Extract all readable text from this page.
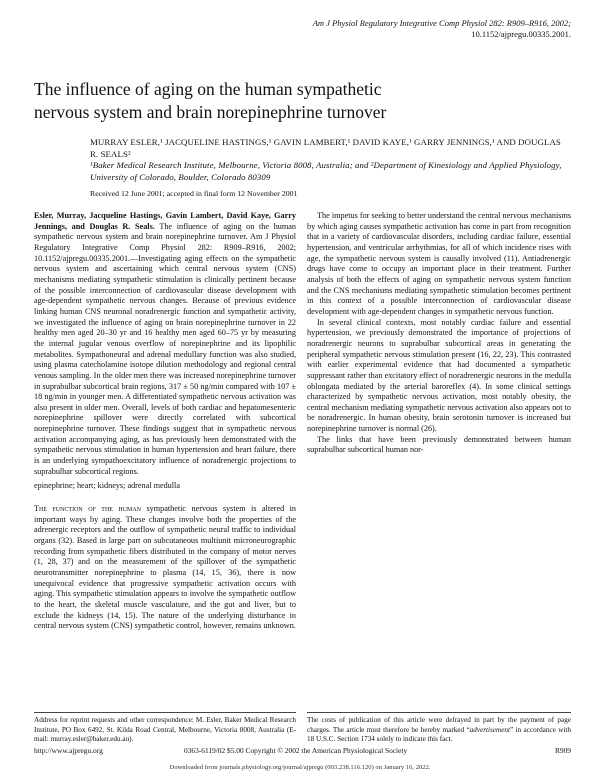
Am J Physiol Regulatory Integrative Comp Physiol 282: R909–R916, 2002;
10.1152/ajpregu.00335.2001.
The influence of aging on the human sympathetic
nervous system and brain norepinephrine turnover
MURRAY ESLER,¹ JACQUELINE HASTINGS,¹ GAVIN LAMBERT,¹ DAVID KAYE,¹ GARRY JENNINGS,¹ AND DOUGLAS R. SEALS²
¹Baker Medical Research Institute, Melbourne, Victoria 8008, Australia; and ²Department of Kinesiology and Applied Physiology, University of Colorado, Boulder, Colorado 80309
Received 12 June 2001; accepted in final form 12 November 2001

Esler, Murray, Jacqueline Hastings, Gavin Lambert, David Kaye, Garry Jennings, and Douglas R. Seals. The influence of aging on the human sympathetic nervous system and brain norepinephrine turnover. Am J Physiol Regulatory Integrative Comp Physiol 282: R909–R916, 2002; 10.1152/ajpregu.00335.2001.—Investigating aging effects on the sympathetic nervous system and ascertaining which central nervous system (CNS) mechanisms mediating sympathetic stimulation is clinically pertinent because of the possible interconnection of cardiovascular disease development with age-dependent sympathetic nervous changes. Because of previous evidence linking human CNS neuronal noradrenergic function and sympathetic activity, we investigated the influence of aging on brain norepinephrine turnover in 22 healthy men aged 20–30 yr and 16 healthy men aged 60–75 yr by measuring the internal jugular venous overflow of norepinephrine and its lipophilic metabolites. Sympathoneural and adrenal medullary function was also studied, using plasma catecholamine isotope dilution methodology and regional central venous sampling. In the older men there was increased norepinephrine turnover in suprabulbar subcortical brain regions, 317 ± 50 ng/min compared with 107 ± 18 ng/min in younger men. A differentiated sympathetic nervous activation was also present in older men. Overall, levels of both cardiac and hepatomesenteric norepinephrine spillover were directly correlated with subcortical norepinephrine turnover. These findings suggest that in sympathetic nervous activation accompanying aging, as has previously been demonstrated with the sympathetic nervous stimulation in human hypertension and heart failure, there is an underlying sympathoexcitatory influence of noradrenergic projections to suprabulbar subcortical regions.

epinephrine; heart; kidneys; adrenal medulla

The function of the human sympathetic nervous system is altered in important ways by aging. These changes involve both the properties of the adrenergic receptors and the outflow of sympathetic neural traffic to individual organs (32). Based in large part on subcutaneous multiunit microneurographic recording from sympathetic fibers distributed in the company of motor nerves (1, 28, 37) and on the measurement of the spillover of the sympathetic neurotransmitter norepinephrine to plasma (14, 15, 36), there is now unequivocal evidence that progressive sympathetic activation occurs with aging. This sympathetic stimulation appears to involve the sympathetic outflow to the heart, the skeletal muscle vasculature, and the gut and liver, but to exclude the kidneys (14, 15). The nature of the underlying disturbance in central nervous system (CNS) sympathetic control, however, remains unknown.

The impetus for seeking to better understand the central nervous mechanisms by which aging causes sympathetic activation has come in part from recognition that in a variety of cardiovascular disorders, including cardiac failure, essential hypertension, and ventricular arrhythmias, for all of which incidence rises with age, the sympathetic nervous system is causally involved (11). Antiadrenergic drugs have come to occupy an important place in their treatment. Further analysis of both the effects of aging on sympathetic nervous system function and the CNS mechanisms mediating sympathetic stimulation becomes pertinent in this context of a possible interconnection of cardiovascular disease development with age-dependent changes in sympathetic nervous function.

In several clinical contexts, most notably cardiac failure and essential hypertension, we previously demonstrated the importance of projections of noradrenergic neurons to suprabulbar subcortical areas in generating the peripheral sympathetic nervous stimulation present (16, 22, 23). This contrasted with earlier experimental evidence that had documented a sympathetic suppressant rather than excitatory effect of noradrenergic neurons in the medulla oblongata mediated by the arterial baroreflex (4). In some clinical settings characterized by sympathetic nervous activation, most notably obesity, the central mechanism mediating sympathetic nervous activation also appears not to be noradrenergic. In human obesity, brain serotonin turnover is increased but norepinephrine turnover is normal (26).

The links that have been previously demonstrated between human suprabulbar subcortical human nor-

Address for reprint requests and other correspondence: M. Esler, Baker Medical Research Institute, PO Box 6492, St. Kilda Road Central, Melbourne, Victoria 8008, Australia (E-mail: murray.esler@baker.edu.au).
The costs of publication of this article were defrayed in part by the payment of page charges. The article must therefore be hereby marked “advertisement” in accordance with 18 U.S.C. Section 1734 solely to indicate this fact.
http://www.ajpregu.org	0363-6119/02 $5.00 Copyright © 2002 the American Physiological Society	R909
Downloaded from journals.physiology.org/journal/ajpregu (003.238.116.120) on January 16, 2022.
